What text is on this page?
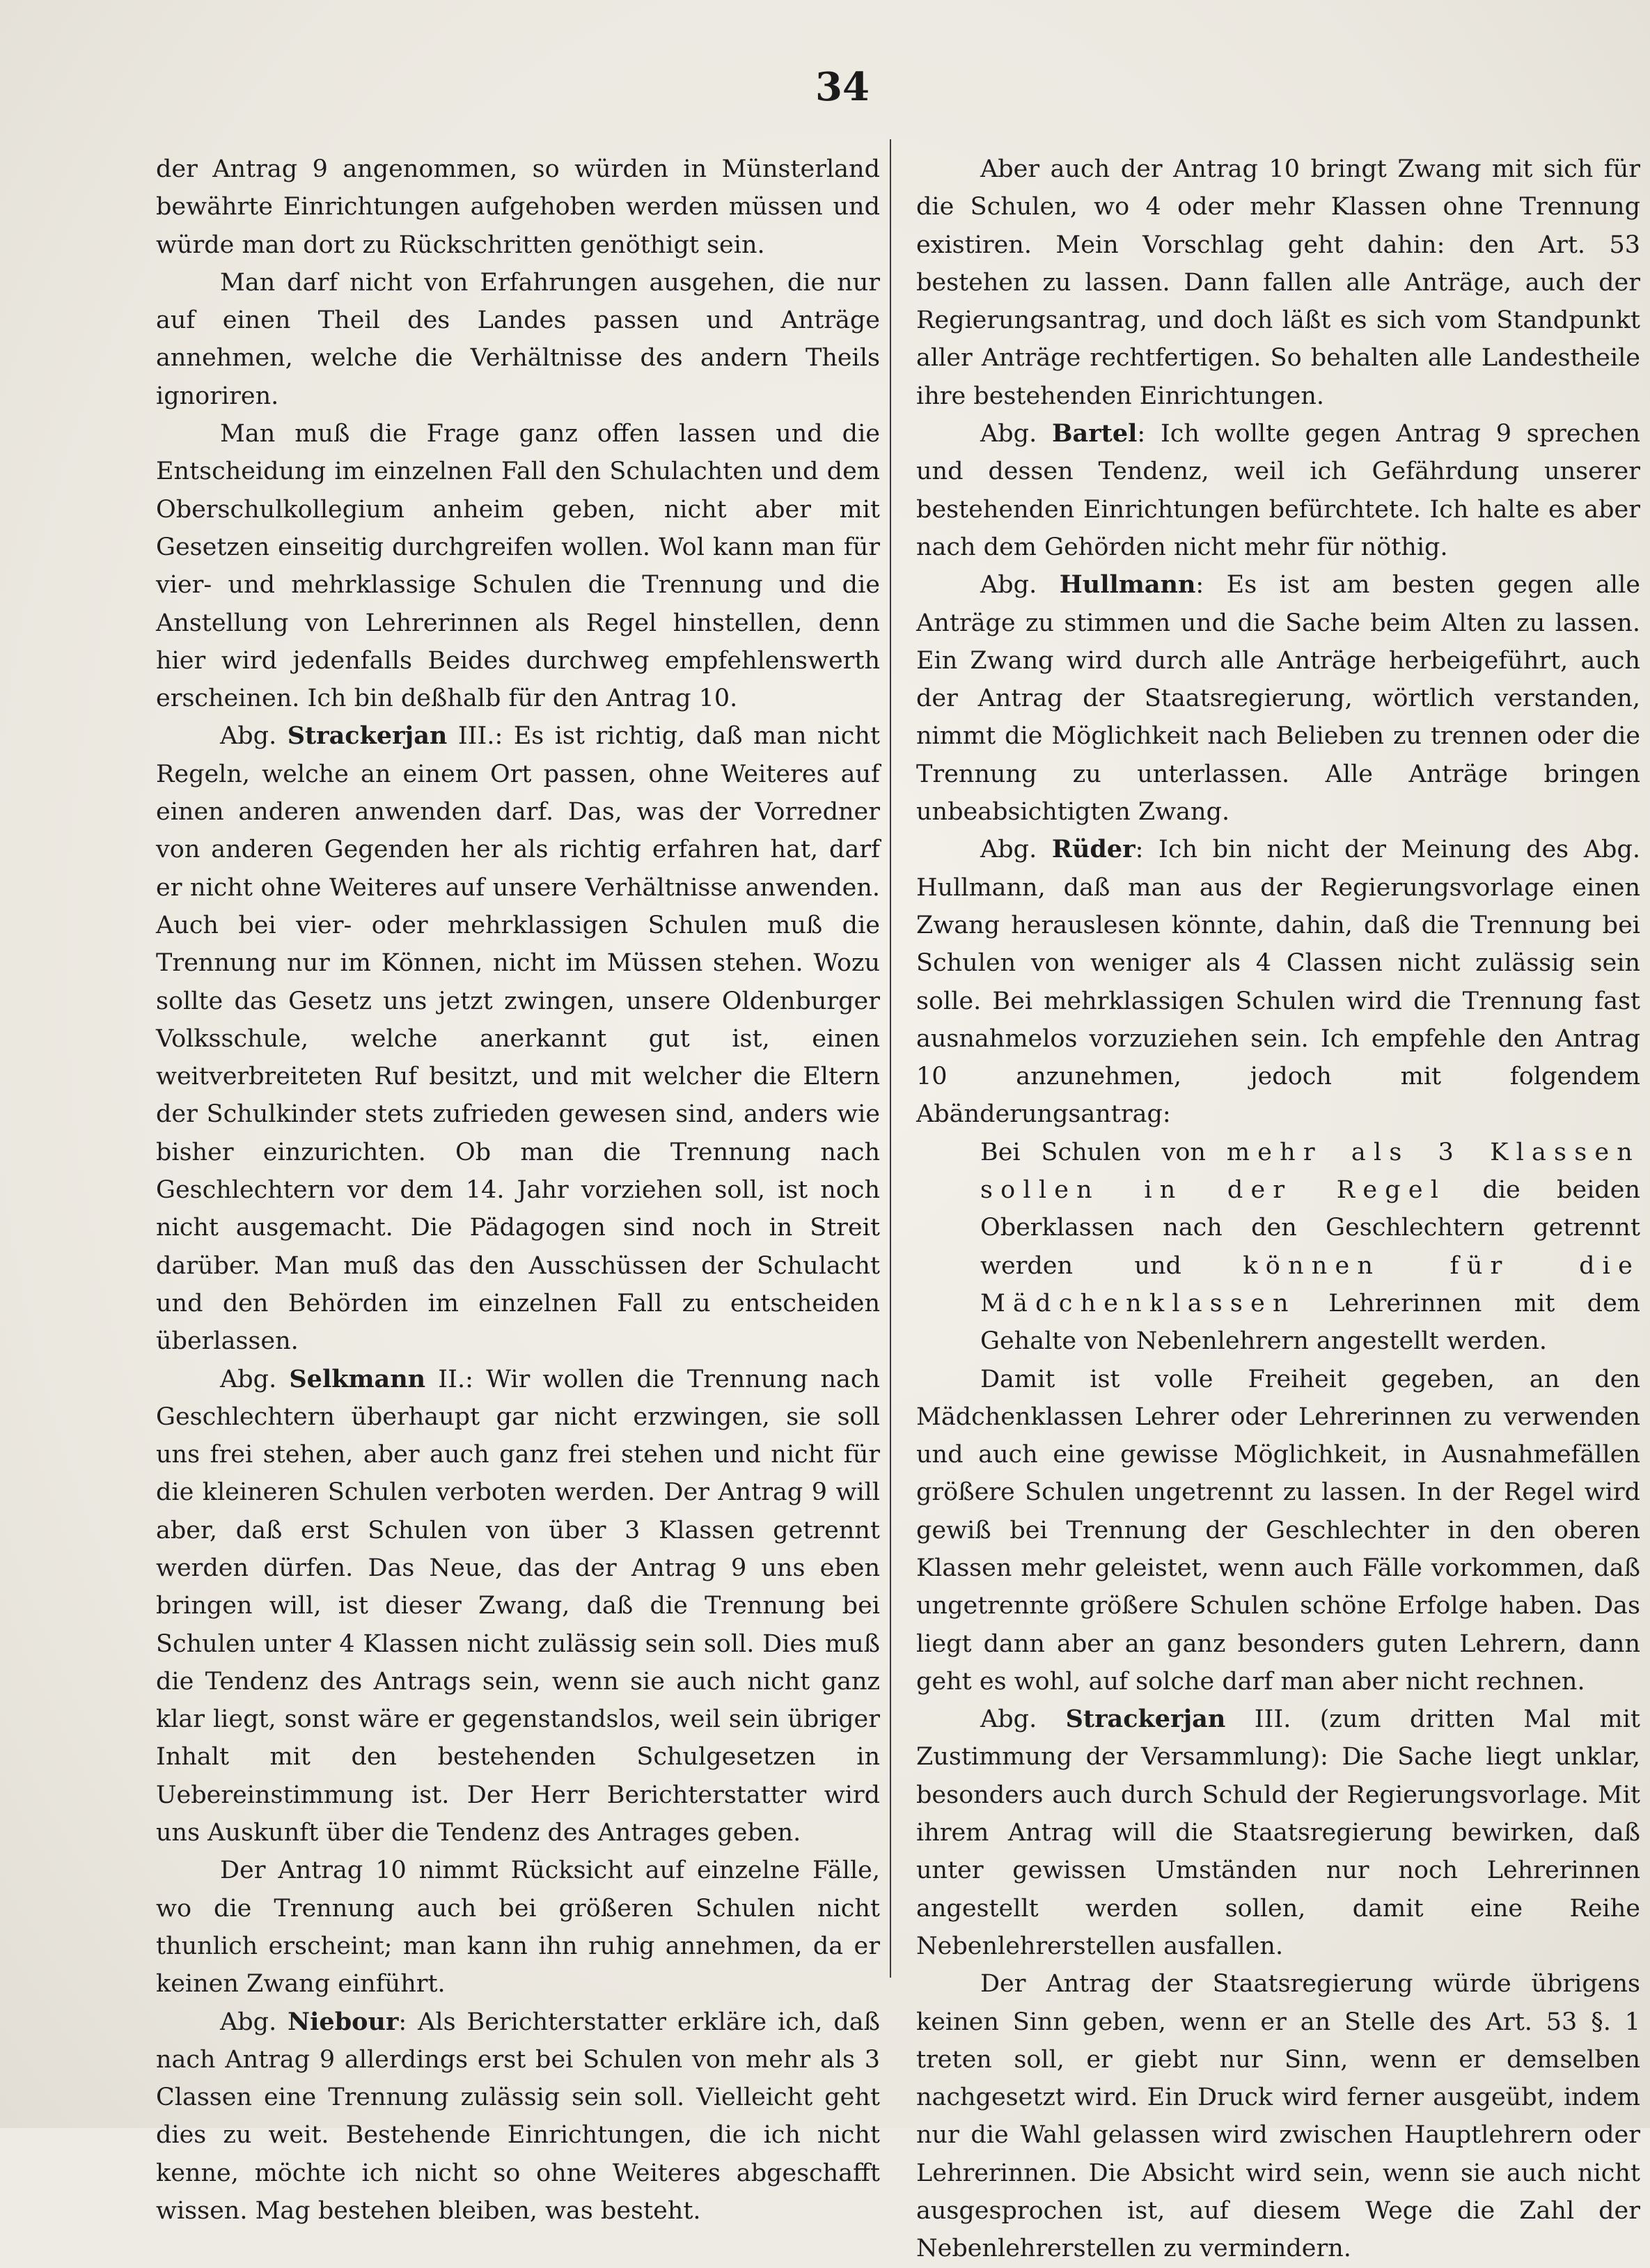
34

der Antrag 9 angenommen, so würden in Münsterland bewährte Einrichtungen aufgehoben werden müssen und würde man dort zu Rückschritten genöthigt sein.

Man darf nicht von Erfahrungen ausgehen, die nur auf einen Theil des Landes passen und Anträge annehmen, welche die Verhältnisse des andern Theils ignoriren.

Man muß die Frage ganz offen lassen und die Entscheidung im einzelnen Fall den Schulachten und dem Oberschulkollegium anheim geben, nicht aber mit Gesetzen einseitig durchgreifen wollen. Wol kann man für vier- und mehrklassige Schulen die Trennung und die Anstellung von Lehrerinnen als Regel hinstellen, denn hier wird jedenfalls Beides durchweg empfehlenswerth erscheinen. Ich bin deßhalb für den Antrag 10.

Abg. Strackerjan III.: Es ist richtig, daß man nicht Regeln, welche an einem Ort passen, ohne Weiteres auf einen anderen anwenden darf. Das, was der Vorredner von anderen Gegenden her als richtig erfahren hat, darf er nicht ohne Weiteres auf unsere Verhältnisse anwenden. Auch bei vier- oder mehrklassigen Schulen muß die Trennung nur im Können, nicht im Müssen stehen. Wozu sollte das Gesetz uns jetzt zwingen, unsere Oldenburger Volksschule, welche anerkannt gut ist, einen weitverbreiteten Ruf besitzt, und mit welcher die Eltern der Schulkinder stets zufrieden gewesen sind, anders wie bisher einzurichten. Ob man die Trennung nach Geschlechtern vor dem 14. Jahr vorziehen soll, ist noch nicht ausgemacht. Die Pädagogen sind noch in Streit darüber. Man muß das den Ausschüssen der Schulacht und den Behörden im einzelnen Fall zu entscheiden überlassen.

Abg. Selkmann II.: Wir wollen die Trennung nach Geschlechtern überhaupt gar nicht erzwingen, sie soll uns frei stehen, aber auch ganz frei stehen und nicht für die kleineren Schulen verboten werden. Der Antrag 9 will aber, daß erst Schulen von über 3 Klassen getrennt werden dürfen. Das Neue, das der Antrag 9 uns eben bringen will, ist dieser Zwang, daß die Trennung bei Schulen unter 4 Klassen nicht zulässig sein soll. Dies muß die Tendenz des Antrags sein, wenn sie auch nicht ganz klar liegt, sonst wäre er gegenstandslos, weil sein übriger Inhalt mit den bestehenden Schulgesetzen in Uebereinstimmung ist. Der Herr Berichterstatter wird uns Auskunft über die Tendenz des Antrages geben.

Der Antrag 10 nimmt Rücksicht auf einzelne Fälle, wo die Trennung auch bei größeren Schulen nicht thunlich erscheint; man kann ihn ruhig annehmen, da er keinen Zwang einführt.

Abg. Niebour: Als Berichterstatter erkläre ich, daß nach Antrag 9 allerdings erst bei Schulen von mehr als 3 Classen eine Trennung zulässig sein soll. Vielleicht geht dies zu weit. Bestehende Einrichtungen, die ich nicht kenne, möchte ich nicht so ohne Weiteres abgeschafft wissen. Mag bestehen bleiben, was besteht.

Aber auch der Antrag 10 bringt Zwang mit sich für die Schulen, wo 4 oder mehr Klassen ohne Trennung existiren. Mein Vorschlag geht dahin: den Art. 53 bestehen zu lassen. Dann fallen alle Anträge, auch der Regierungsantrag, und doch läßt es sich vom Standpunkt aller Anträge rechtfertigen. So behalten alle Landestheile ihre bestehenden Einrichtungen.

Abg. Bartel: Ich wollte gegen Antrag 9 sprechen und dessen Tendenz, weil ich Gefährdung unserer bestehenden Einrichtungen befürchtete. Ich halte es aber nach dem Gehörden nicht mehr für nöthig.

Abg. Hullmann: Es ist am besten gegen alle Anträge zu stimmen und die Sache beim Alten zu lassen. Ein Zwang wird durch alle Anträge herbeigeführt, auch der Antrag der Staatsregierung, wörtlich verstanden, nimmt die Möglichkeit nach Belieben zu trennen oder die Trennung zu unterlassen. Alle Anträge bringen unbeabsichtigten Zwang.

Abg. Rüder: Ich bin nicht der Meinung des Abg. Hullmann, daß man aus der Regierungsvorlage einen Zwang herauslesen könnte, dahin, daß die Trennung bei Schulen von weniger als 4 Classen nicht zulässig sein solle. Bei mehrklassigen Schulen wird die Trennung fast ausnahmelos vorzuziehen sein. Ich empfehle den Antrag 10 anzunehmen, jedoch mit folgendem Abänderungsantrag:

Bei Schulen von mehr als 3 Klassen sollen in der Regel die beiden Oberklassen nach den Geschlechtern getrennt werden und können für die Mädchenklassen Lehrerinnen mit dem Gehalte von Nebenlehrern angestellt werden.

Damit ist volle Freiheit gegeben, an den Mädchenklassen Lehrer oder Lehrerinnen zu verwenden und auch eine gewisse Möglichkeit, in Ausnahmefällen größere Schulen ungetrennt zu lassen. In der Regel wird gewiß bei Trennung der Geschlechter in den oberen Klassen mehr geleistet, wenn auch Fälle vorkommen, daß ungetrennte größere Schulen schöne Erfolge haben. Das liegt dann aber an ganz besonders guten Lehrern, dann geht es wohl, auf solche darf man aber nicht rechnen.

Abg. Strackerjan III. (zum dritten Mal mit Zustimmung der Versammlung): Die Sache liegt unklar, besonders auch durch Schuld der Regierungsvorlage. Mit ihrem Antrag will die Staatsregierung bewirken, daß unter gewissen Umständen nur noch Lehrerinnen angestellt werden sollen, damit eine Reihe Nebenlehrerstellen ausfallen.

Der Antrag der Staatsregierung würde übrigens keinen Sinn geben, wenn er an Stelle des Art. 53 §. 1 treten soll, er giebt nur Sinn, wenn er demselben nachgesetzt wird. Ein Druck wird ferner ausgeübt, indem nur die Wahl gelassen wird zwischen Hauptlehrern oder Lehrerinnen. Die Absicht wird sein, wenn sie auch nicht ausgesprochen ist, auf diesem Wege die Zahl der Nebenlehrerstellen zu vermindern.
